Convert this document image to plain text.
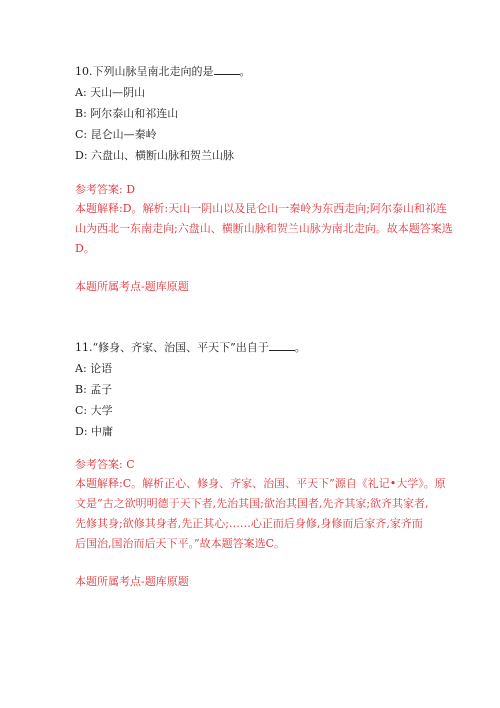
10.下列山脉呈南北走向的是 。
A: 天山—阴山
B: 阿尔泰山和祁连山
C: 昆仑山—秦岭
D: 六盘山、横断山脉和贺兰山脉
参考答案: D
本题解释:D。解析:天山一阴山以及昆仑山一秦岭为东西走向;阿尔泰山和祁连
山为西北一东南走向;六盘山、横断山脉和贺兰山脉为南北走向。故本题答案选
D。
本题所属考点-题库原题
11.“修身、齐家、治国、平天下”出自于 。
A: 论语
B: 孟子
C: 大学
D: 中庸
参考答案: C
本题解释:C。解析正心、修身、齐家、治国、平天下”源自《礼记•大学》。原
文是“古之欲明明德于天下者,先治其国;欲治其国者,先齐其家;欲齐其家者,
先修其身;欲修其身者,先正其心;……心正而后身修,身修而后家齐,家齐而
后国治,国治而后天下平。”故本题答案选C。
本题所属考点-题库原题
